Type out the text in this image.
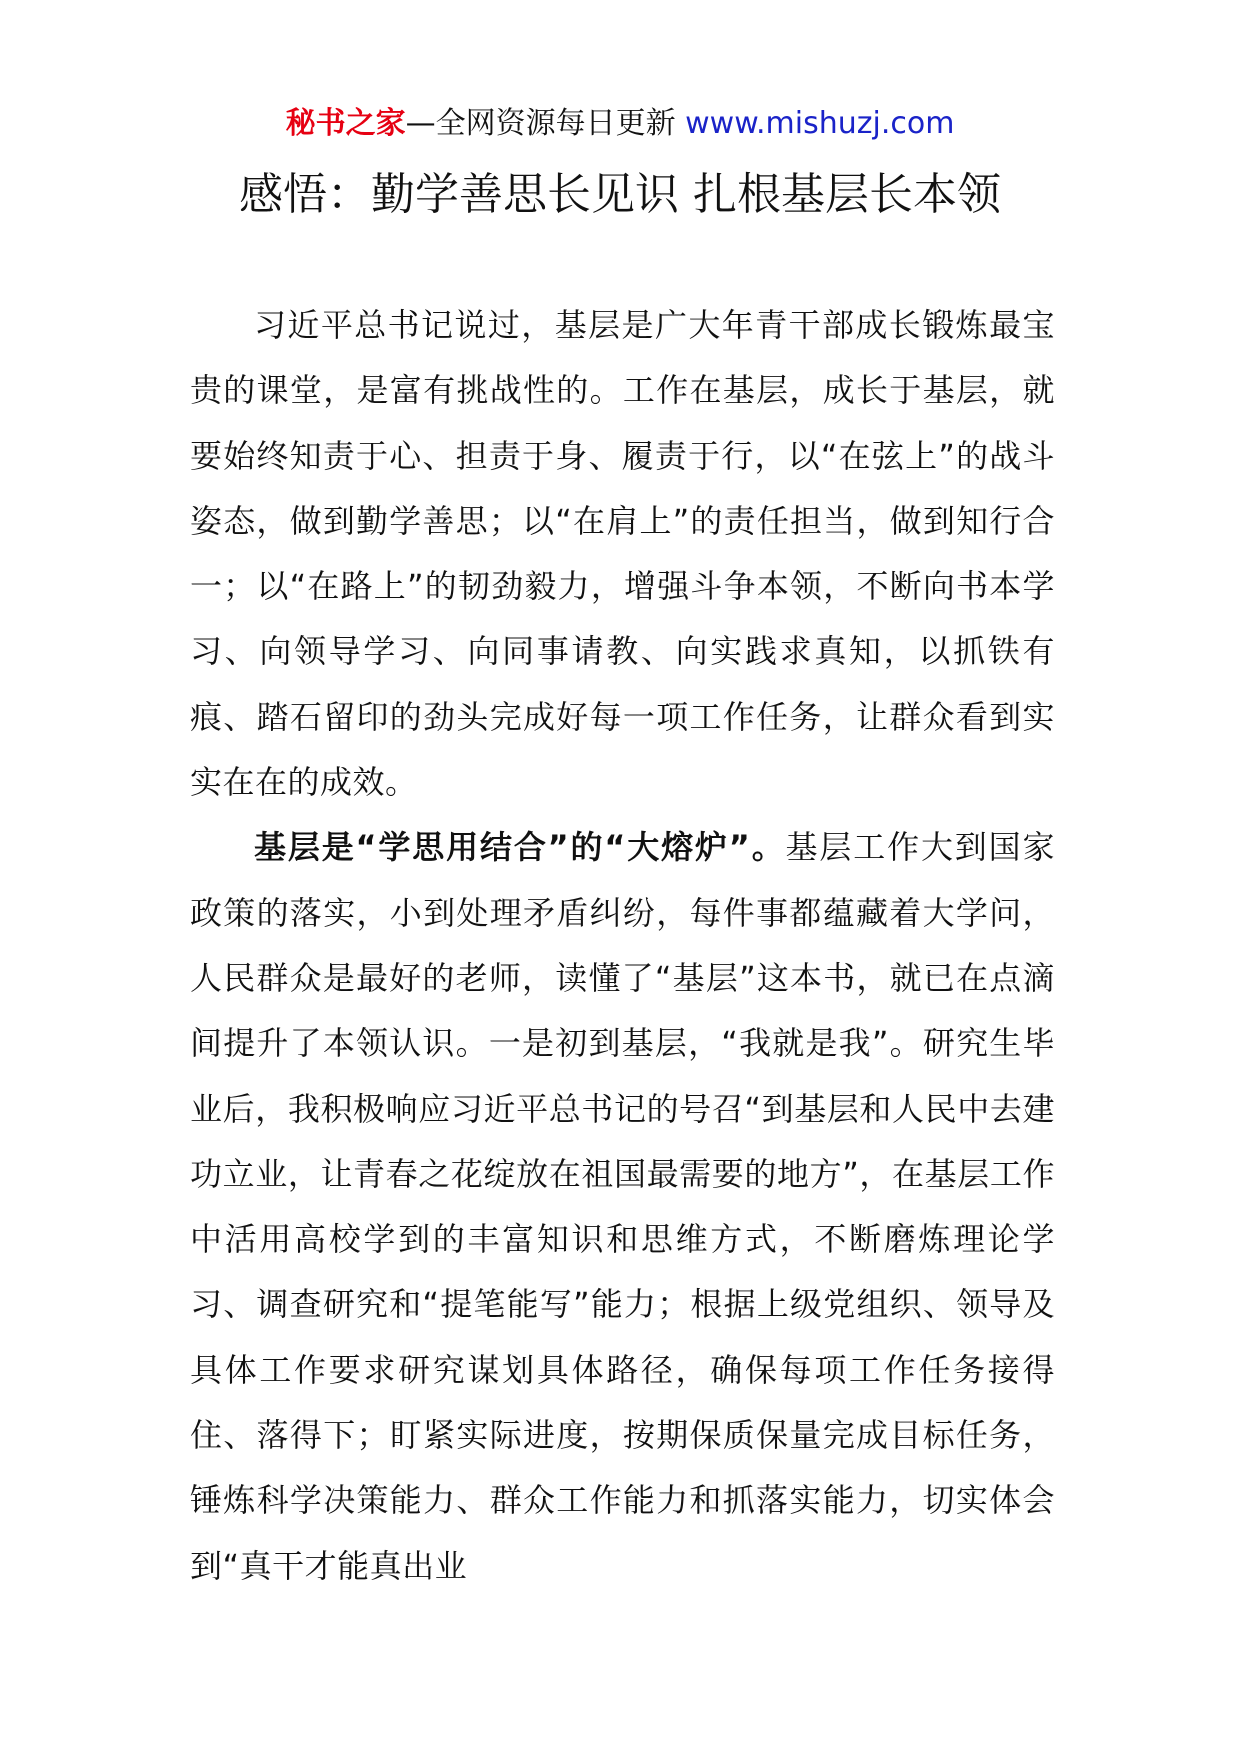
秘书之家—全网资源每日更新 www.mishuzj.com
感悟：勤学善思长见识 扎根基层长本领

习近平总书记说过，基层是广大年青干部成长锻炼最宝贵的课堂，是富有挑战性的。工作在基层，成长于基层，就要始终知责于心、担责于身、履责于行，以“在弦上”的战斗姿态，做到勤学善思；以“在肩上”的责任担当，做到知行合一；以“在路上”的韧劲毅力，增强斗争本领，不断向书本学习、向领导学习、向同事请教、向实践求真知，以抓铁有痕、踏石留印的劲头完成好每一项工作任务，让群众看到实实在在的成效。

基层是“学思用结合”的“大熔炉”。基层工作大到国家政策的落实，小到处理矛盾纠纷，每件事都蕴藏着大学问，人民群众是最好的老师，读懂了“基层”这本书，就已在点滴间提升了本领认识。一是初到基层，“我就是我”。研究生毕业后，我积极响应习近平总书记的号召“到基层和人民中去建功立业，让青春之花绽放在祖国最需要的地方”，在基层工作中活用高校学到的丰富知识和思维方式，不断磨炼理论学习、调查研究和“提笔能写”能力；根据上级党组织、领导及具体工作要求研究谋划具体路径，确保每项工作任务接得住、落得下；盯紧实际进度，按期保质保量完成目标任务，锤炼科学决策能力、群众工作能力和抓落实能力，切实体会到“真干才能真出业
